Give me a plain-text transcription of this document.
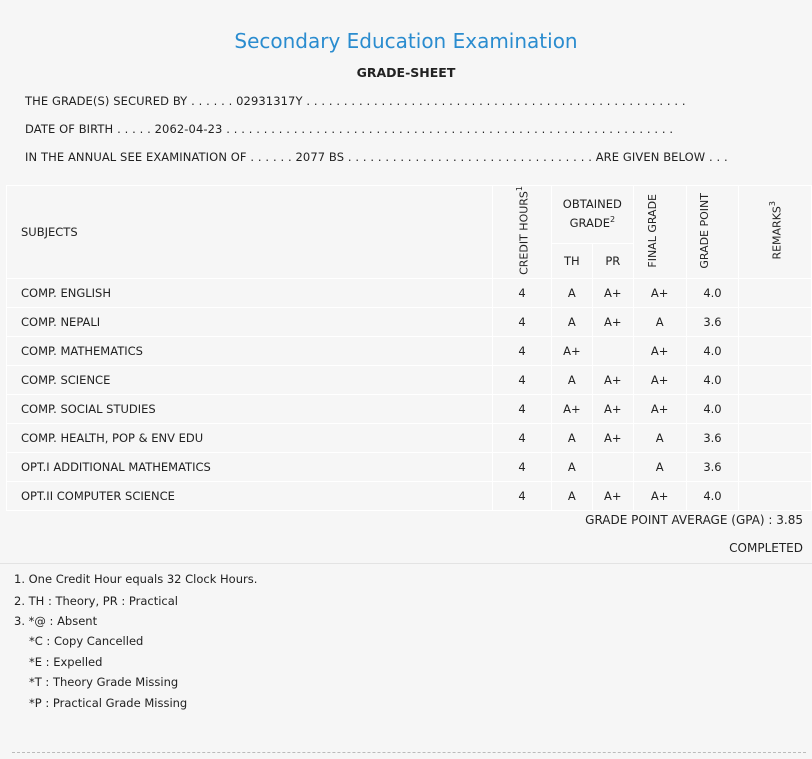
Secondary Education Examination
GRADE-SHEET
THE GRADE(S) SECURED BY . . . . . . 02931317Y . . . . . . . . . . . . . . . . . . . . . . . . . . . . . . . . . . . . . . . . . . . . . . . . . . .
DATE OF BIRTH . . . . . 2062-04-23 . . . . . . . . . . . . . . . . . . . . . . . . . . . . . . . . . . . . . . . . . . . . . . . . . . . . . . . . . . . .
IN THE ANNUAL SEE EXAMINATION OF . . . . . . 2077 BS . . . . . . . . . . . . . . . . . . . . . . . . . . . . . . . . . ARE GIVEN BELOW . . .
SUBJECTS	CREDIT HOURS$^1$	OBTAINED GRADE$^2$		FINAL GRADE	GRADE POINT	REMARKS$^3$
		TH	PR			
COMP. ENGLISH	4	A	A+	A+	4.0	
COMP. NEPALI	4	A	A+	A	3.6	
COMP. MATHEMATICS	4	A+		A+	4.0	
COMP. SCIENCE	4	A	A+	A+	4.0	
COMP. SOCIAL STUDIES	4	A+	A+	A+	4.0	
COMP. HEALTH, POP & ENV EDU	4	A	A+	A	3.6	
OPT.I ADDITIONAL MATHEMATICS	4	A		A	3.6	
OPT.II COMPUTER SCIENCE	4	A	A+	A+	4.0	
GRADE POINT AVERAGE (GPA) : 3.85
COMPLETED
1. One Credit Hour equals 32 Clock Hours.
2. TH : Theory, PR : Practical
3. *@ : Absent
*C : Copy Cancelled
*E : Expelled
*T : Theory Grade Missing
*P : Practical Grade Missing
